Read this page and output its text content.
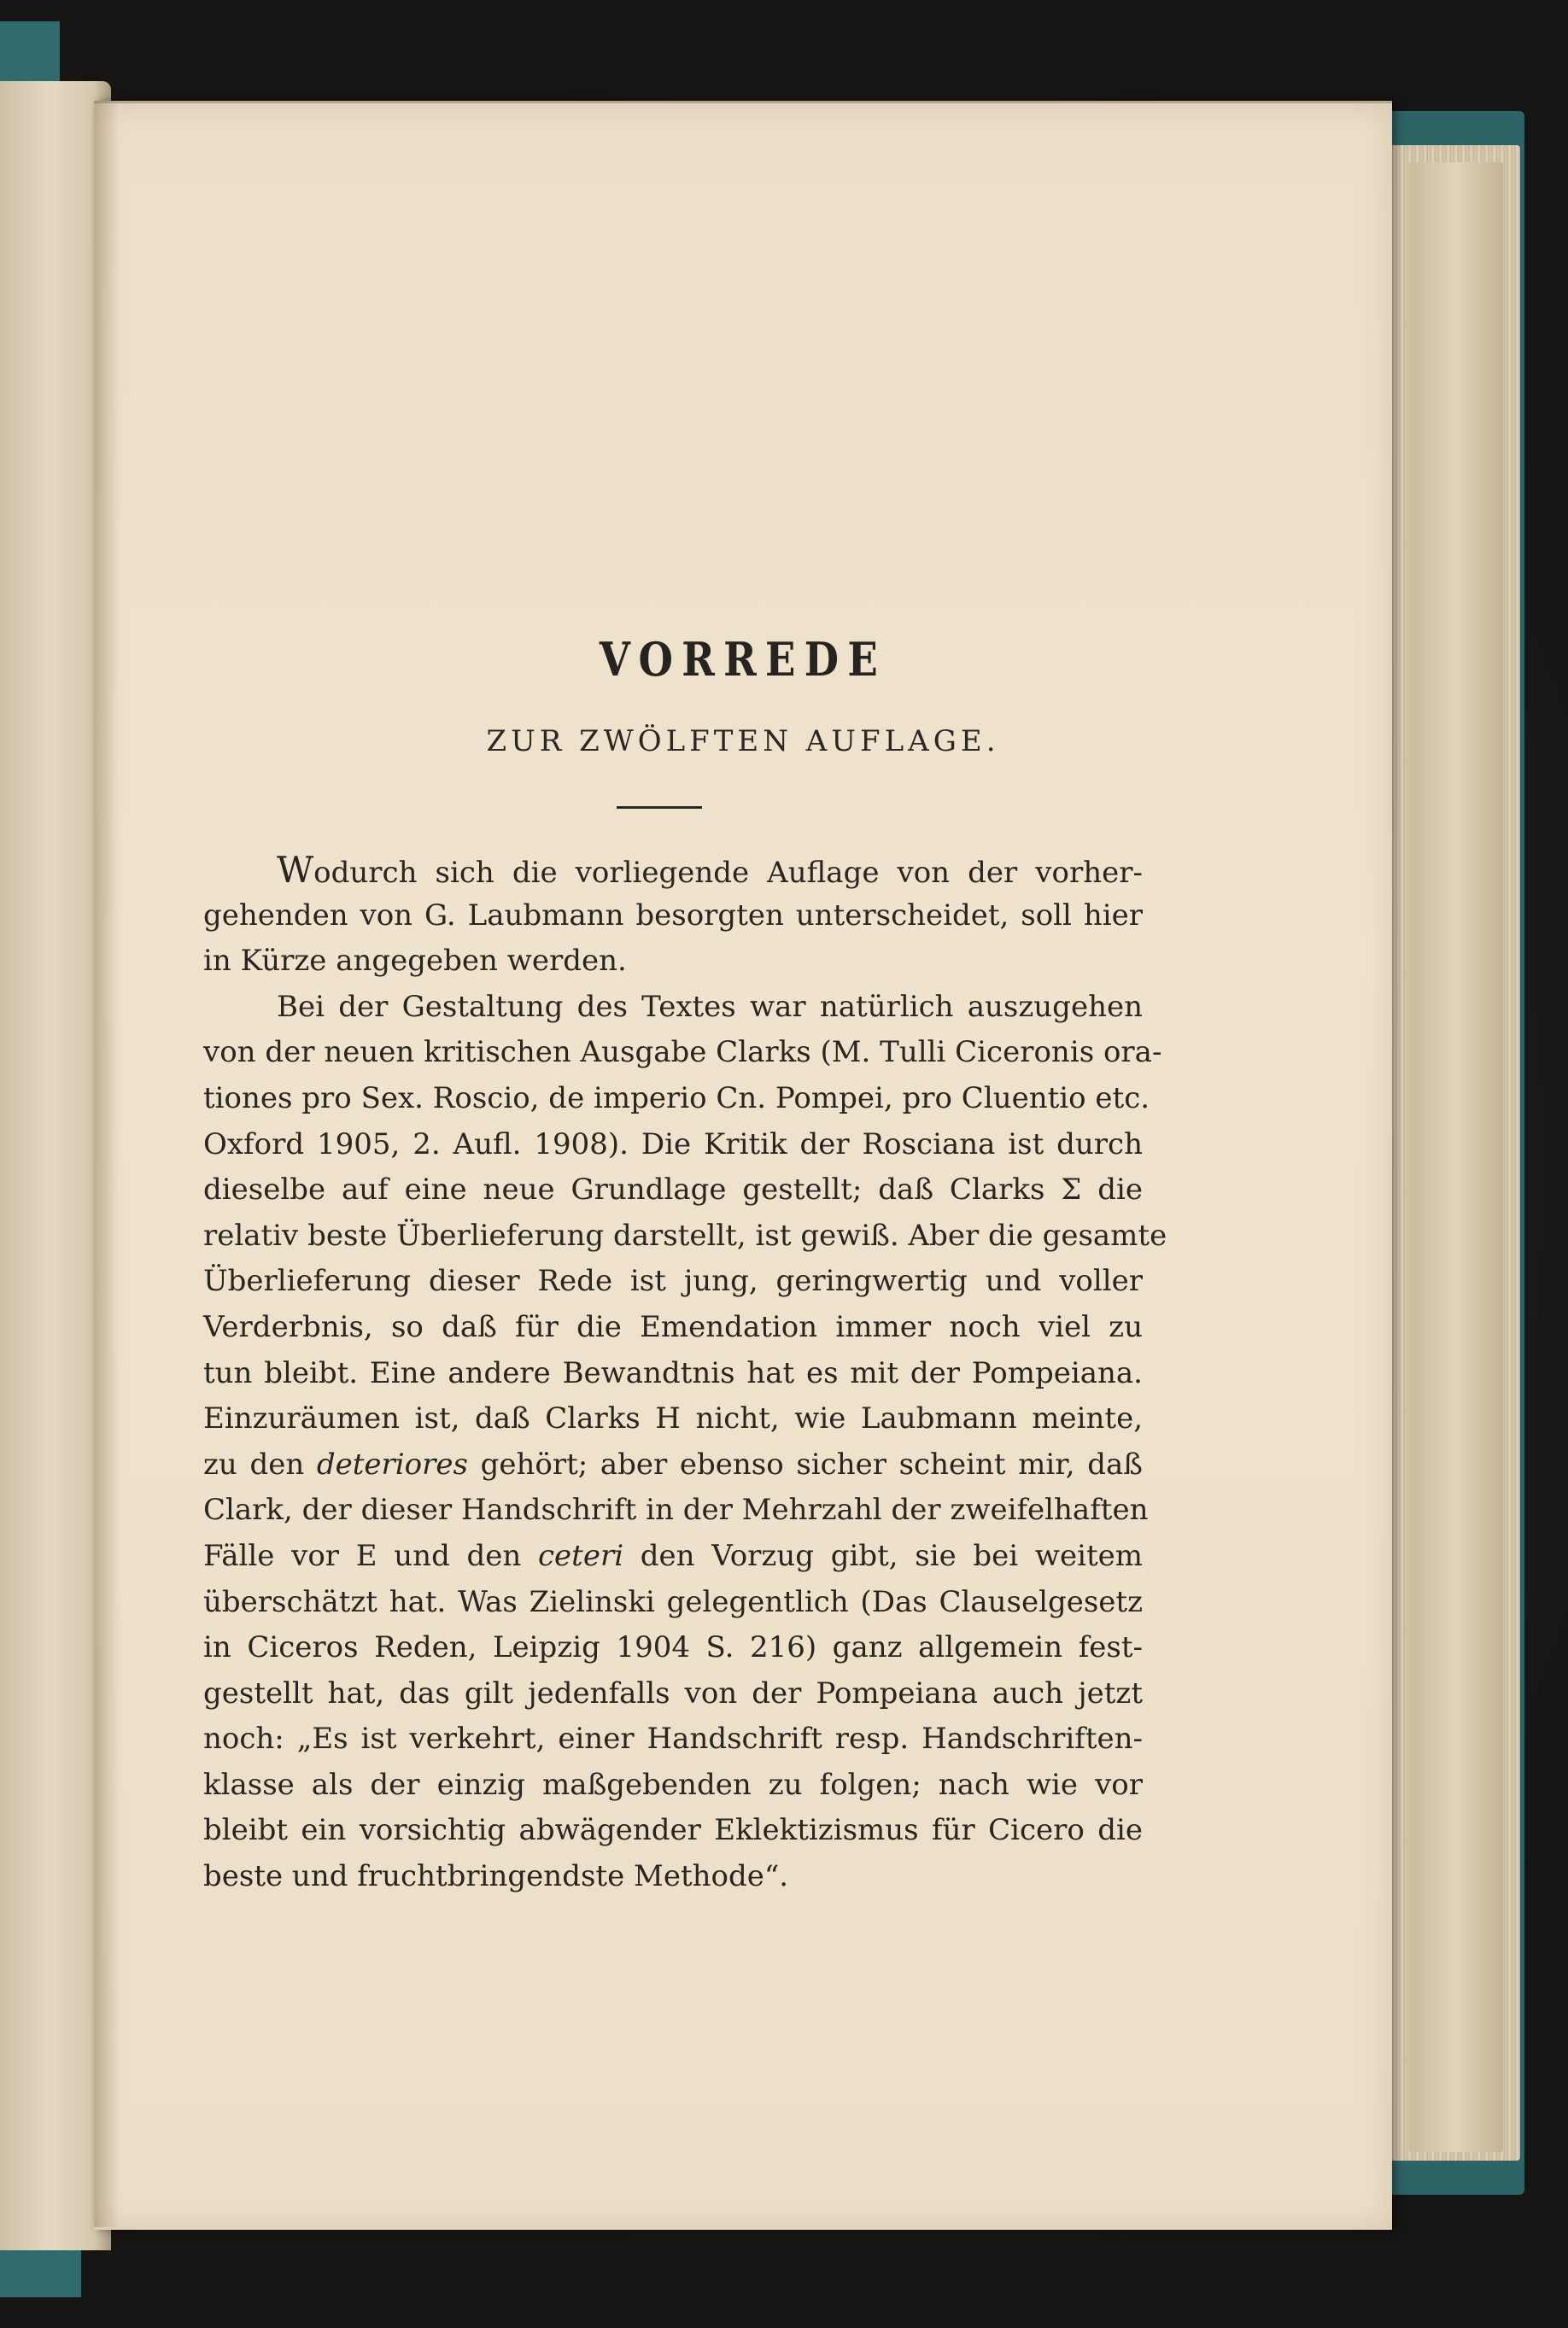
VORREDE
ZUR ZWÖLFTEN AUFLAGE.
Wodurch sich die vorliegende Auflage von der vorher-
gehenden von G. Laubmann besorgten unterscheidet, soll hier
in Kürze angegeben werden.
Bei der Gestaltung des Textes war natürlich auszugehen
von der neuen kritischen Ausgabe Clarks (M. Tulli Ciceronis ora-
tiones pro Sex. Roscio, de imperio Cn. Pompei, pro Cluentio etc.
Oxford 1905, 2. Aufl. 1908). Die Kritik der Rosciana ist durch
dieselbe auf eine neue Grundlage gestellt; daß Clarks Σ die
relativ beste Überlieferung darstellt, ist gewiß. Aber die gesamte
Überlieferung dieser Rede ist jung, geringwertig und voller
Verderbnis, so daß für die Emendation immer noch viel zu
tun bleibt. Eine andere Bewandtnis hat es mit der Pompeiana.
Einzuräumen ist, daß Clarks H nicht, wie Laubmann meinte,
zu den deteriores gehört; aber ebenso sicher scheint mir, daß
Clark, der dieser Handschrift in der Mehrzahl der zweifelhaften
Fälle vor E und den ceteri den Vorzug gibt, sie bei weitem
überschätzt hat. Was Zielinski gelegentlich (Das Clauselgesetz
in Ciceros Reden, Leipzig 1904 S. 216) ganz allgemein fest-
gestellt hat, das gilt jedenfalls von der Pompeiana auch jetzt
noch: „Es ist verkehrt, einer Handschrift resp. Handschriften-
klasse als der einzig maßgebenden zu folgen; nach wie vor
bleibt ein vorsichtig abwägender Eklektizismus für Cicero die
beste und fruchtbringendste Methode“.
